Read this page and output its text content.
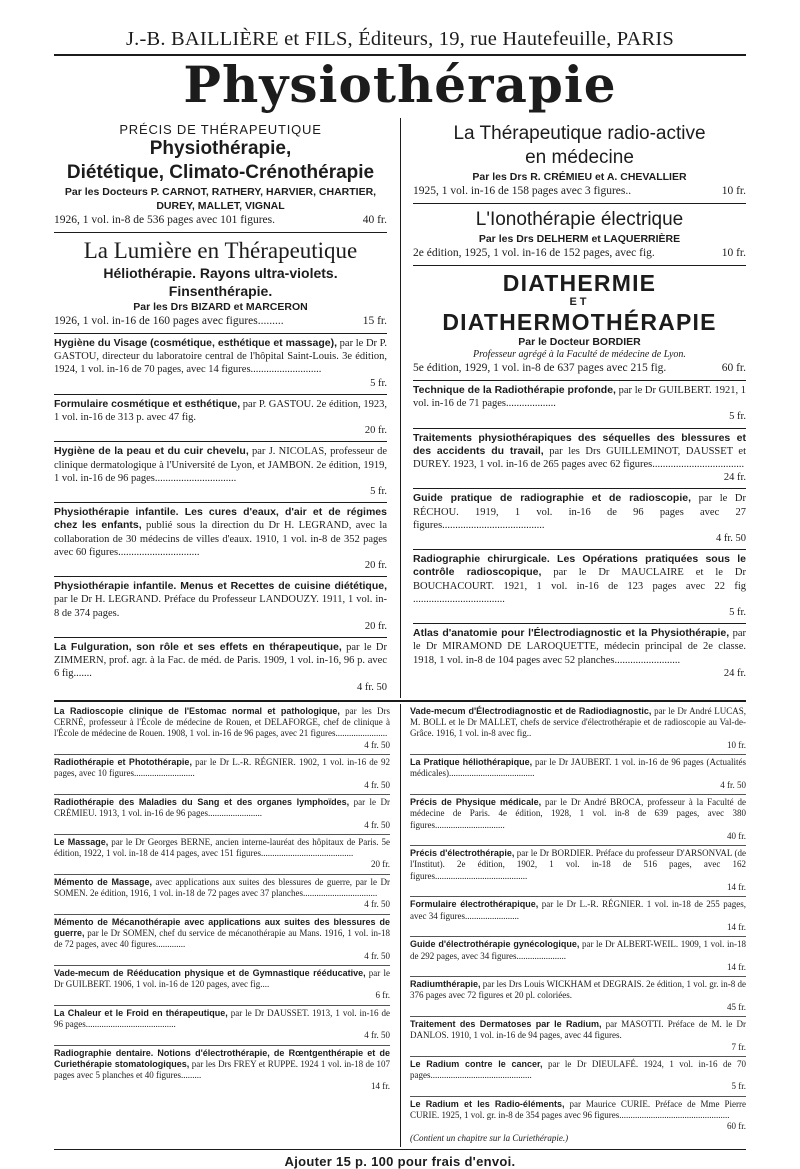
J.-B. BAILLIÈRE et FILS, Éditeurs, 19, rue Hautefeuille, PARIS
Physiothérapie
PRÉCIS DE THÉRAPEUTIQUE
Physiothérapie,
Diététique, Climato-Crénothérapie
Par les Docteurs P. CARNOT, RATHERY, HARVIER, CHARTIER, DUREY, MALLET, VIGNAL
1926, 1 vol. in-8 de 536 pages avec 101 figures.	40 fr.
La Lumière en Thérapeutique
Héliothérapie. Rayons ultra-violets.
Finsenthérapie.
Par les Drs BIZARD et MARCERON
1926, 1 vol. in-16 de 160 pages avec figures.........	15 fr.
Hygiène du Visage (cosmétique, esthétique et massage), par le Dr P. GASTOU, directeur du laboratoire central de l'hôpital Saint-Louis. 3e édition, 1924, 1 vol. in-16 de 70 pages, avec 14 figures...........................
5 fr.
Formulaire cosmétique et esthétique, par P. GASTOU. 2e édition, 1923, 1 vol. in-16 de 313 p. avec 47 fig.
20 fr.
Hygiène de la peau et du cuir chevelu, par J. NICOLAS, professeur de clinique dermatologique à l'Université de Lyon, et JAMBON. 2e édition, 1919, 1 vol. in-16 de 96 pages...............................
5 fr.
Physiothérapie infantile. Les cures d'eaux, d'air et de régimes chez les enfants, publié sous la direction du Dr H. LEGRAND, avec la collaboration de 30 médecins de villes d'eaux. 1910, 1 vol. in-8 de 352 pages avec 60 figures...............................
20 fr.
Physiothérapie infantile. Menus et Recettes de cuisine diététique, par le Dr H. LEGRAND. Préface du Professeur LANDOUZY. 1911, 1 vol. in-8 de 374 pages.
20 fr.
La Fulguration, son rôle et ses effets en thérapeutique, par le Dr ZIMMERN, prof. agr. à la Fac. de méd. de Paris. 1909, 1 vol. in-16, 96 p. avec 6 fig.......
4 fr. 50
La Thérapeutique radio-active
en médecine
Par les Drs R. CRÉMIEU et A. CHEVALLIER
1925, 1 vol. in-16 de 158 pages avec 3 figures..	10 fr.
L'Ionothérapie électrique
Par les Drs DELHERM et LAQUERRIÈRE
2e édition, 1925, 1 vol. in-16 de 152 pages, avec fig.	10 fr.
DIATHERMIE
ET
DIATHERMOTHÉRAPIE
Par le Docteur BORDIER
Professeur agrégé à la Faculté de médecine de Lyon.
5e édition, 1929, 1 vol. in-8 de 637 pages avec 215 fig.	60 fr.
Technique de la Radiothérapie profonde, par le Dr GUILBERT. 1921, 1 vol. in-16 de 71 pages...................
5 fr.
Traitements physiothérapiques des séquelles des blessures et des accidents du travail, par les Drs GUILLEMINOT, DAUSSET et DUREY. 1923, 1 vol. in-16 de 265 pages avec 62 figures...................................
24 fr.
Guide pratique de radiographie et de radioscopie, par le Dr RÉCHOU. 1919, 1 vol. in-16 de 96 pages avec 27 figures.......................................
4 fr. 50
Radiographie chirurgicale. Les Opérations pratiquées sous le contrôle radioscopique, par le Dr MAUCLAIRE et le Dr BOUCHACOURT. 1921, 1 vol. in-16 de 123 pages avec 22 fig ...................................
5 fr.
Atlas d'anatomie pour l'Électrodiagnostic et la Physiothérapie, par le Dr MIRAMOND DE LAROQUETTE, médecin principal de 2e classe. 1918, 1 vol. in-8 de 104 pages avec 52 planches.........................
24 fr.
La Radioscopie clinique de l'Estomac normal et pathologique, par les Drs CERNÉ, professeur à l'École de médecine de Rouen, et DELAFORGE, chef de clinique à l'École de médecine de Rouen. 1908, 1 vol. in-16 de 96 pages, avec 21 figures.......................
4 fr. 50
Radiothérapie et Photothérapie, par le Dr L.-R. RÉGNIER. 1902, 1 vol. in-16 de 92 pages, avec 10 figures...........................
4 fr. 50
Radiothérapie des Maladies du Sang et des organes lymphoïdes, par le Dr CRÉMIEU. 1913, 1 vol. in-16 de 96 pages........................
4 fr. 50
Le Massage, par le Dr Georges BERNE, ancien interne-lauréat des hôpitaux de Paris. 5e édition, 1922, 1 vol. in-18 de 414 pages, avec 151 figures.........................................
20 fr.
Mémento de Massage, avec applications aux suites des blessures de guerre, par le Dr SOMEN. 2e édition, 1916, 1 vol. in-18 de 72 pages avec 37 planches.................................
4 fr. 50
Mémento de Mécanothérapie avec applications aux suites des blessures de guerre, par le Dr SOMEN, chef du service de mécanothérapie au Mans. 1916, 1 vol. in-18 de 72 pages, avec 40 figures.............
4 fr. 50
Vade-mecum de Rééducation physique et de Gymnastique rééducative, par le Dr GUILBERT. 1906, 1 vol. in-16 de 120 pages, avec fig....
6 fr.
La Chaleur et le Froid en thérapeutique, par le Dr DAUSSET. 1913, 1 vol. in-16 de 96 pages........................................
4 fr. 50
Radiographie dentaire. Notions d'électrothérapie, de Rœntgenthérapie et de Curiethérapie stomatologiques, par les Drs FREY et RUPPE. 1924 1 vol. in-18 de 107 pages avec 5 planches et 40 figures.........
14 fr.
Vade-mecum d'Électrodiagnostic et de Radiodiagnostic, par le Dr André LUCAS, M. BOLL et le Dr MALLET, chefs de service d'électrothérapie et de radioscopie au Val-de-Grâce. 1916, 1 vol. in-8 avec fig..
10 fr.
La Pratique héliothérapique, par le Dr JAUBERT. 1 vol. in-16 de 96 pages (Actualités médicales)......................................
4 fr. 50
Précis de Physique médicale, par le Dr André BROCA, professeur à la Faculté de médecine de Paris. 4e édition, 1928, 1 vol. in-8 de 639 pages, avec 380 figures...............................
40 fr.
Précis d'électrothérapie, par le Dr BORDIER. Préface du professeur D'ARSONVAL (de l'Institut). 2e édition, 1902, 1 vol. in-18 de 516 pages, avec 162 figures.........................................
14 fr.
Formulaire électrothérapique, par le Dr L.-R. RÉGNIER. 1 vol. in-18 de 255 pages, avec 34 figures........................
14 fr.
Guide d'électrothérapie gynécologique, par le Dr ALBERT-WEIL. 1909, 1 vol. in-18 de 292 pages, avec 34 figures......................
14 fr.
Radiumthérapie, par les Drs Louis WICKHAM et DEGRAIS. 2e édition, 1 vol. gr. in-8 de 376 pages avec 72 figures et 20 pl. coloriées.
45 fr.
Traitement des Dermatoses par le Radium, par MASOTTI. Préface de M. le Dr DANLOS. 1910, 1 vol. in-16 de 94 pages, avec 44 figures.
7 fr.
Le Radium contre le cancer, par le Dr DIEULAFÉ. 1924, 1 vol. in-16 de 70 pages.............................................
5 fr.
Le Radium et les Radio-éléments, par Maurice CURIE. Préface de Mme Pierre CURIE. 1925, 1 vol. gr. in-8 de 354 pages avec 96 figures.................................................
60 fr.
(Contient un chapitre sur la Curiethérapie.)
Ajouter 15 p. 100 pour frais d'envoi.
